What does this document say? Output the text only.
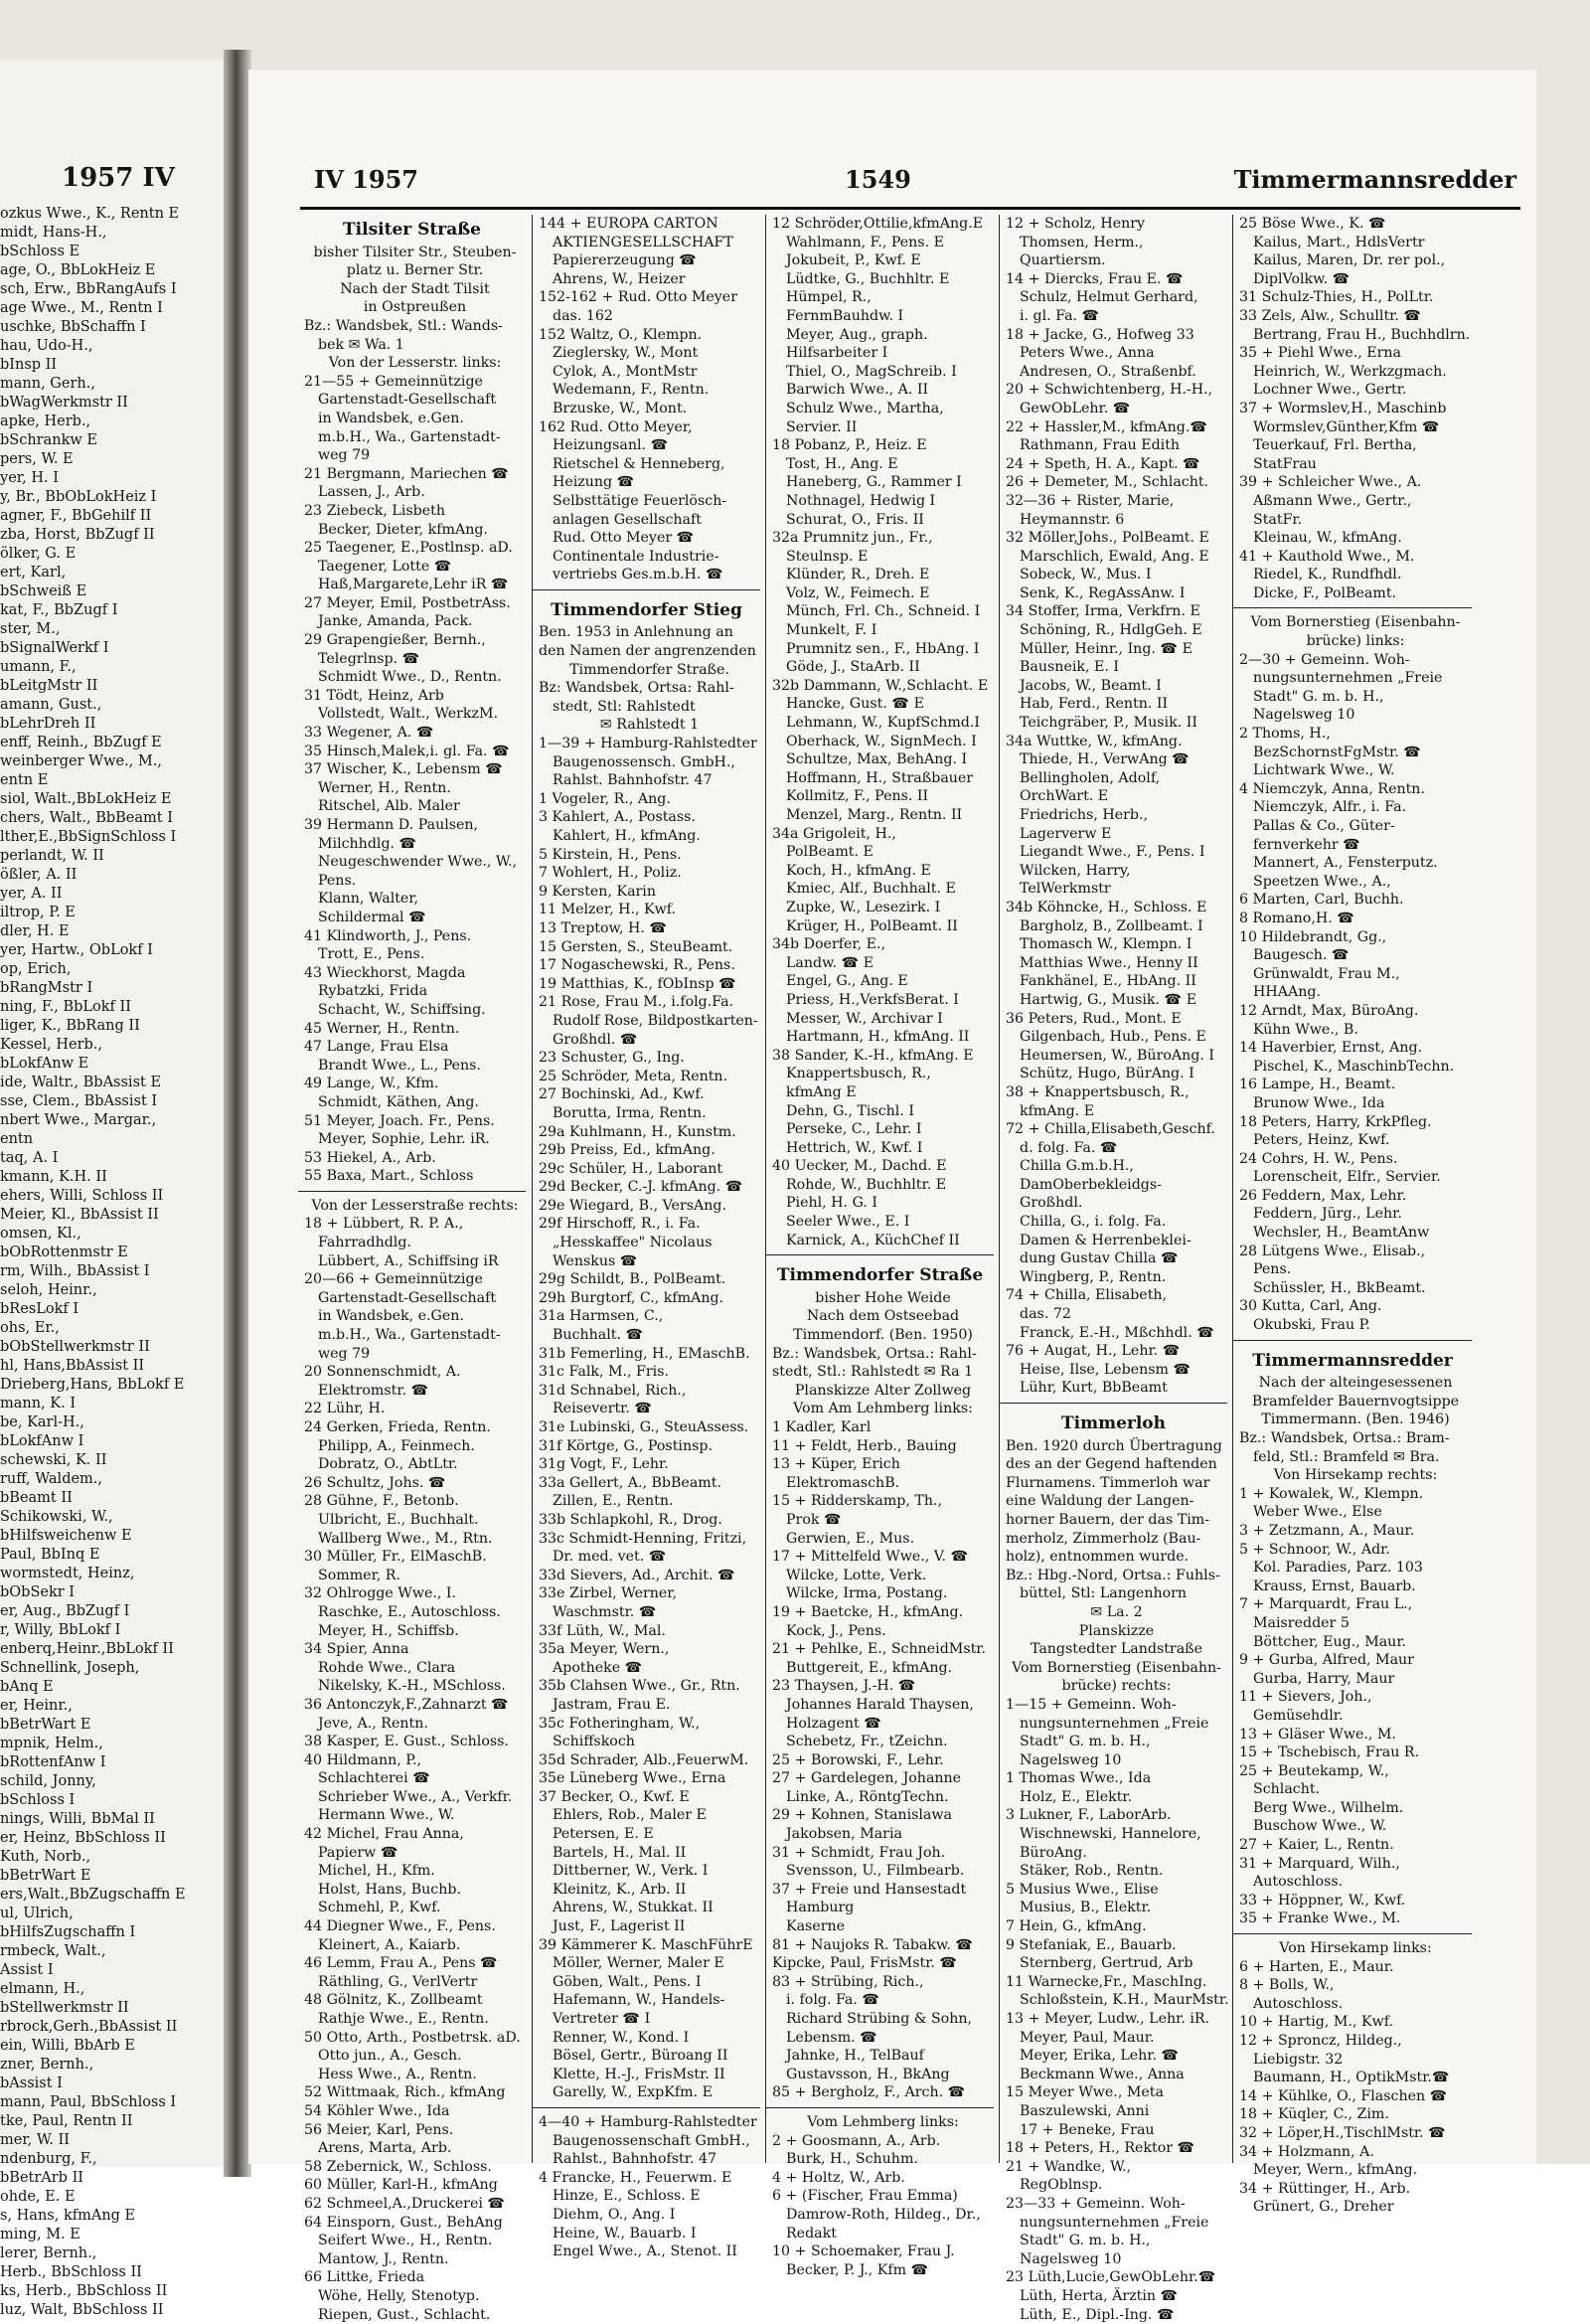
1957 IV
ozkus Wwe., K., Rentn E
midt, Hans-H.,
bSchloss E
age, O., BbLokHeiz E
sch, Erw., BbRangAufs I
age Wwe., M., Rentn I
uschke, BbSchaffn I
hau, Udo-H.,
bInsp II
mann, Gerh.,
bWagWerkmstr II
apke, Herb.,
bSchrankw E
pers, W. E
yer, H. I
y, Br., BbObLokHeiz I
agner, F., BbGehilf II
zba, Horst, BbZugf II
ölker, G. E
ert, Karl,
bSchweiß E
kat, F., BbZugf I
ster, M.,
bSignalWerkf I
umann, F.,
bLeitgMstr II
amann, Gust.,
bLehrDreh II
enff, Reinh., BbZugf E
weinberger Wwe., M.,
entn E
siol, Walt.,BbLokHeiz E
chers, Walt., BbBeamt I
lther,E.,BbSignSchloss I
perlandt, W. II
ößler, A. II
yer, A. II
iltrop, P. E
dler, H. E
yer, Hartw., ObLokf I
op, Erich,
bRangMstr I
ning, F., BbLokf II
liger, K., BbRang II
Kessel, Herb.,
bLokfAnw E
ide, Waltr., BbAssist E
sse, Clem., BbAssist I
nbert Wwe., Margar.,
entn
taq, A. I
kmann, K.H. II
ehers, Willi, Schloss II
Meier, Kl., BbAssist II
omsen, Kl.,
bObRottenmstr E
rm, Wilh., BbAssist I
seloh, Heinr.,
bResLokf I
ohs, Er.,
bObStellwerkmstr II
hl, Hans,BbAssist II
Drieberg,Hans, BbLokf E
mann, K. I
be, Karl-H.,
bLokfAnw I
schewski, K. II
ruff, Waldem.,
bBeamt II
Schikowski, W.,
bHilfsweichenw E
Paul, BbInq E
wormstedt, Heinz,
bObSekr I
er, Aug., BbZugf I
r, Willy, BbLokf I
enberq,Heinr.,BbLokf II
Schnellink, Joseph,
bAnq E
er, Heinr.,
bBetrWart E
mpnik, Helm.,
bRottenfAnw I
schild, Jonny,
bSchloss I
nings, Willi, BbMal II
er, Heinz, BbSchloss II
Kuth, Norb.,
bBetrWart E
ers,Walt.,BbZugschaffn E
ul, Ulrich,
bHilfsZugschaffn I
rmbeck, Walt.,
Assist I
elmann, H.,
bStellwerkmstr II
rbrock,Gerh.,BbAssist II
ein, Willi, BbArb E
zner, Bernh.,
bAssist I
mann, Paul, BbSchloss I
tke, Paul, Rentn II
mer, W. II
ndenburg, F.,
bBetrArb II
ohde, E. E
s, Hans, kfmAng E
ming, M. E
lerer, Bernh.,
Herb., BbSchloss II
ks, Herb., BbSchloss II
luz, Walt, BbSchloss II
IV 1957	1549	Timmermannsredder
Tilsiter Straße
bisher Tilsiter Str., Steuben-
platz u. Berner Str.
Nach der Stadt Tilsit
in Ostpreußen
Bz.: Wandsbek, Stl.: Wands-
bek ✉ Wa. 1
Von der Lesserstr. links:
21—55 + Gemeinnützige
Gartenstadt-Gesellschaft
in Wandsbek, e.Gen.
m.b.H., Wa., Gartenstadt-
weg 79
21 Bergmann, Mariechen ☎
Lassen, J., Arb.
23 Ziebeck, Lisbeth
Becker, Dieter, kfmAng.
25 Taegener, E.,Postlnsp. aD.
Taegener, Lotte ☎
Haß,Margarete,Lehr iR ☎
27 Meyer, Emil, PostbetrAss.
Janke, Amanda, Pack.
29 Grapengießer, Bernh.,
Telegrlnsp. ☎
Schmidt Wwe., D., Rentn.
31 Tödt, Heinz, Arb
Vollstedt, Walt., WerkzM.
33 Wegener, A. ☎
35 Hinsch,Malek,i. gl. Fa. ☎
37 Wischer, K., Lebensm ☎
Werner, H., Rentn.
Ritschel, Alb. Maler
39 Hermann D. Paulsen,
Milchhdlg. ☎
Neugeschwender Wwe., W.,
Pens.
Klann, Walter,
Schildermal ☎
41 Klindworth, J., Pens.
Trott, E., Pens.
43 Wieckhorst, Magda
Rybatzki, Frida
Schacht, W., Schiffsing.
45 Werner, H., Rentn.
47 Lange, Frau Elsa
Brandt Wwe., L., Pens.
49 Lange, W., Kfm.
Schmidt, Käthen, Ang.
51 Meyer, Joach. Fr., Pens.
Meyer, Sophie, Lehr. iR.
53 Hiekel, A., Arb.
55 Baxa, Mart., Schloss
Von der Lesserstraße rechts:
18 + Lübbert, R. P. A.,
Fahrradhdlg.
Lübbert, A., Schiffsing iR
20—66 + Gemeinnützige
Gartenstadt-Gesellschaft
in Wandsbek, e.Gen.
m.b.H., Wa., Gartenstadt-
weg 79
20 Sonnenschmidt, A.
Elektromstr. ☎
22 Lühr, H.
24 Gerken, Frieda, Rentn.
Philipp, A., Feinmech.
Dobratz, O., AbtLtr.
26 Schultz, Johs. ☎
28 Gühne, F., Betonb.
Ulbricht, E., Buchhalt.
Wallberg Wwe., M., Rtn.
30 Müller, Fr., ElMaschB.
Sommer, R.
32 Ohlrogge Wwe., I.
Raschke, E., Autoschloss.
Meyer, H., Schiffsb.
34 Spier, Anna
Rohde Wwe., Clara
Nikelsky, K.-H., MSchloss.
36 Antonczyk,F.,Zahnarzt ☎
Jeve, A., Rentn.
38 Kasper, E. Gust., Schloss.
40 Hildmann, P.,
Schlachterei ☎
Schrieber Wwe., A., Verkfr.
Hermann Wwe., W.
42 Michel, Frau Anna,
Papierw ☎
Michel, H., Kfm.
Holst, Hans, Buchb.
Schmehl, P., Kwf.
44 Diegner Wwe., F., Pens.
Kleinert, A., Kaiarb.
46 Lemm, Frau A., Pens ☎
Räthling, G., VerlVertr
48 Gölnitz, K., Zollbeamt
Rathje Wwe., E., Rentn.
50 Otto, Arth., Postbetrsk. aD.
Otto jun., A., Gesch.
Hess Wwe., A., Rentn.
52 Wittmaak, Rich., kfmAng
54 Köhler Wwe., Ida
56 Meier, Karl, Pens.
Arens, Marta, Arb.
58 Zebernick, W., Schloss.
60 Müller, Karl-H., kfmAng
62 Schmeel,A.,Druckerei ☎
64 Einsporn, Gust., BehAng
Seifert Wwe., H., Rentn.
Mantow, J., Rentn.
66 Littke, Frieda
Wöhe, Helly, Stenotyp.
Riepen, Gust., Schlacht.
144 + EUROPA CARTON
AKTIENGESELLSCHAFT
Papiererzeugung ☎
Ahrens, W., Heizer
152-162 + Rud. Otto Meyer
das. 162
152 Waltz, O., Klempn.
Zieglersky, W., Mont
Cylok, A., MontMstr
Wedemann, F., Rentn.
Brzuske, W., Mont.
162 Rud. Otto Meyer,
Heizungsanl. ☎
Rietschel & Henneberg,
Heizung ☎
Selbsttätige Feuerlösch-
anlagen Gesellschaft
Rud. Otto Meyer ☎
Continentale Industrie-
vertriebs Ges.m.b.H. ☎
Timmendorfer Stieg
Ben. 1953 in Anlehnung an
den Namen der angrenzenden
Timmendorfer Straße.
Bz: Wandsbek, Ortsa: Rahl-
stedt, Stl: Rahlstedt
✉ Rahlstedt 1
1—39 + Hamburg-Rahlstedter
Baugenossensch. GmbH.,
Rahlst. Bahnhofstr. 47
1 Vogeler, R., Ang.
3 Kahlert, A., Postass.
Kahlert, H., kfmAng.
5 Kirstein, H., Pens.
7 Wohlert, H., Poliz.
9 Kersten, Karin
11 Melzer, H., Kwf.
13 Treptow, H. ☎
15 Gersten, S., SteuBeamt.
17 Nogaschewski, R., Pens.
19 Matthias, K., fObInsp ☎
21 Rose, Frau M., i.folg.Fa.
Rudolf Rose, Bildpostkarten-
Großhdl. ☎
23 Schuster, G., Ing.
25 Schröder, Meta, Rentn.
27 Bochinski, Ad., Kwf.
Borutta, Irma, Rentn.
29a Kuhlmann, H., Kunstm.
29b Preiss, Ed., kfmAng.
29c Schüler, H., Laborant
29d Becker, C.-J. kfmAng. ☎
29e Wiegard, B., VersAng.
29f Hirschoff, R., i. Fa.
„Hesskaffee" Nicolaus
Wenskus ☎
29g Schildt, B., PolBeamt.
29h Burgtorf, C., kfmAng.
31a Harmsen, C.,
Buchhalt. ☎
31b Femerling, H., EMaschB.
31c Falk, M., Fris.
31d Schnabel, Rich.,
Reisevertr. ☎
31e Lubinski, G., SteuAssess.
31f Körtge, G., Postinsp.
31g Vogt, F., Lehr.
33a Gellert, A., BbBeamt.
Zillen, E., Rentn.
33b Schlapkohl, R., Drog.
33c Schmidt-Henning, Fritzi,
Dr. med. vet. ☎
33d Sievers, Ad., Archit. ☎
33e Zirbel, Werner,
Waschmstr. ☎
33f Lüth, W., Mal.
35a Meyer, Wern.,
Apotheke ☎
35b Clahsen Wwe., Gr., Rtn.
Jastram, Frau E.
35c Fotheringham, W.,
Schiffskoch
35d Schrader, Alb.,FeuerwM.
35e Lüneberg Wwe., Erna
37 Becker, O., Kwf. E
Ehlers, Rob., Maler E
Petersen, E. E
Bartels, H., Mal. II
Dittberner, W., Verk. I
Kleinitz, K., Arb. II
Ahrens, W., Stukkat. II
Just, F., Lagerist II
39 Kämmerer K. MaschFührE
Möller, Werner, Maler E
Göben, Walt., Pens. I
Hafemann, W., Handels-
Vertreter ☎ I
Renner, W., Kond. I
Bösel, Gertr., Büroang II
Klette, H.-J., FrisMstr. II
Garelly, W., ExpKfm. E
4—40 + Hamburg-Rahlstedter
Baugenossenschaft GmbH.,
Rahlst., Bahnhofstr. 47
4 Francke, H., Feuerwm. E
Hinze, E., Schloss. E
Diehm, O., Ang. I
Heine, W., Bauarb. I
Engel Wwe., A., Stenot. II
12 Schröder,Ottilie,kfmAng.E
Wahlmann, F., Pens. E
Jokubeit, P., Kwf. E
Lüdtke, G., Buchhltr. E
Hümpel, R.,
FernmBauhdw. I
Meyer, Aug., graph.
Hilfsarbeiter I
Thiel, O., MagSchreib. I
Barwich Wwe., A. II
Schulz Wwe., Martha,
Servier. II
18 Pobanz, P., Heiz. E
Tost, H., Ang. E
Haneberg, G., Rammer I
Nothnagel, Hedwig I
Schurat, O., Fris. II
32a Prumnitz jun., Fr.,
Steulnsp. E
Klünder, R., Dreh. E
Volz, W., Feimech. E
Münch, Frl. Ch., Schneid. I
Munkelt, F. I
Prumnitz sen., F., HbAng. I
Göde, J., StaArb. II
32b Dammann, W.,Schlacht. E
Hancke, Gust. ☎ E
Lehmann, W., KupfSchmd.I
Oberhack, W., SignMech. I
Schultze, Max, BehAng. I
Hoffmann, H., Straßbauer
Kollmitz, F., Pens. II
Menzel, Marg., Rentn. II
34a Grigoleit, H.,
PolBeamt. E
Koch, H., kfmAng. E
Kmiec, Alf., Buchhalt. E
Zupke, W., Lesezirk. I
Krüger, H., PolBeamt. II
34b Doerfer, E.,
Landw. ☎ E
Engel, G., Ang. E
Priess, H.,VerkfsBerat. I
Messer, W., Archivar I
Hartmann, H., kfmAng. II
38 Sander, K.-H., kfmAng. E
Knappertsbusch, R.,
kfmAng E
Dehn, G., Tischl. I
Perseke, C., Lehr. I
Hettrich, W., Kwf. I
40 Uecker, M., Dachd. E
Rohde, W., Buchhltr. E
Piehl, H. G. I
Seeler Wwe., E. I
Karnick, A., KüchChef II
Timmendorfer Straße
bisher Hohe Weide
Nach dem Ostseebad
Timmendorf. (Ben. 1950)
Bz.: Wandsbek, Ortsa.: Rahl-
stedt, Stl.: Rahlstedt ✉ Ra 1
Planskizze Alter Zollweg
Vom Am Lehmberg links:
1 Kadler, Karl
11 + Feldt, Herb., Bauing
13 + Küper, Erich
ElektromaschB.
15 + Ridderskamp, Th.,
Prok ☎
Gerwien, E., Mus.
17 + Mittelfeld Wwe., V. ☎
Wilcke, Lotte, Verk.
Wilcke, Irma, Postang.
19 + Baetcke, H., kfmAng.
Kock, J., Pens.
21 + Pehlke, E., SchneidMstr.
Buttgereit, E., kfmAng.
23 Thaysen, J.-H. ☎
Johannes Harald Thaysen,
Holzagent ☎
Schebetz, Fr., tZeichn.
25 + Borowski, F., Lehr.
27 + Gardelegen, Johanne
Linke, A., RöntgTechn.
29 + Kohnen, Stanislawa
Jakobsen, Maria
31 + Schmidt, Frau Joh.
Svensson, U., Filmbearb.
37 + Freie und Hansestadt
Hamburg
Kaserne
81 + Naujoks R. Tabakw. ☎
Kipcke, Paul, FrisMstr. ☎
83 + Strübing, Rich.,
i. folg. Fa. ☎
Richard Strübing & Sohn,
Lebensm. ☎
Jahnke, H., TelBauf
Gustavsson, H., BkAng
85 + Bergholz, F., Arch. ☎
Vom Lehmberg links:
2 + Goosmann, A., Arb.
Burk, H., Schuhm.
4 + Holtz, W., Arb.
6 + (Fischer, Frau Emma)
Damrow-Roth, Hildeg., Dr.,
Redakt
10 + Schoemaker, Frau J.
Becker, P. J., Kfm ☎
12 + Scholz, Henry
Thomsen, Herm.,
Quartiersm.
14 + Diercks, Frau E. ☎
Schulz, Helmut Gerhard,
i. gl. Fa. ☎
18 + Jacke, G., Hofweg 33
Peters Wwe., Anna
Andresen, O., Straßenbf.
20 + Schwichtenberg, H.-H.,
GewObLehr. ☎
22 + Hassler,M., kfmAng.☎
Rathmann, Frau Edith
24 + Speth, H. A., Kapt. ☎
26 + Demeter, M., Schlacht.
32—36 + Rister, Marie,
Heymannstr. 6
32 Möller,Johs., PolBeamt. E
Marschlich, Ewald, Ang. E
Sobeck, W., Mus. I
Senk, K., RegAssAnw. I
34 Stoffer, Irma, Verkfrn. E
Schöning, R., HdlgGeh. E
Müller, Heinr., Ing. ☎ E
Bausneik, E. I
Jacobs, W., Beamt. I
Hab, Ferd., Rentn. II
Teichgräber, P., Musik. II
34a Wuttke, W., kfmAng.
Thiede, H., VerwAng ☎
Bellingholen, Adolf,
OrchWart. E
Friedrichs, Herb.,
Lagerverw E
Liegandt Wwe., F., Pens. I
Wilcken, Harry,
TelWerkmstr
34b Köhncke, H., Schloss. E
Bargholz, B., Zollbeamt. I
Thomasch W., Klempn. I
Matthias Wwe., Henny II
Fankhänel, E., HbAng. II
Hartwig, G., Musik. ☎ E
36 Peters, Rud., Mont. E
Gilgenbach, Hub., Pens. E
Heumersen, W., BüroAng. I
Schütz, Hugo, BürAng. I
38 + Knappertsbusch, R.,
kfmAng. E
72 + Chilla,Elisabeth,Geschf.
d. folg. Fa. ☎
Chilla G.m.b.H.,
DamOberbekleidgs-
Großhdl.
Chilla, G., i. folg. Fa.
Damen & Herrenbeklei-
dung Gustav Chilla ☎
Wingberg, P., Rentn.
74 + Chilla, Elisabeth,
das. 72
Franck, E.-H., Mßchhdl. ☎
76 + Augat, H., Lehr. ☎
Heise, Ilse, Lebensm ☎
Lühr, Kurt, BbBeamt
Timmerloh
Ben. 1920 durch Übertragung
des an der Gegend haftenden
Flurnamens. Timmerloh war
eine Waldung der Langen-
horner Bauern, der das Tim-
merholz, Zimmerholz (Bau-
holz), entnommen wurde.
Bz.: Hbg.-Nord, Ortsa.: Fuhls-
büttel, Stl: Langenhorn
✉ La. 2
Planskizze
Tangstedter Landstraße
Vom Bornerstieg (Eisenbahn-
brücke) rechts:
1—15 + Gemeinn. Woh-
nungsunternehmen „Freie
Stadt" G. m. b. H.,
Nagelsweg 10
1 Thomas Wwe., Ida
Holz, E., Elektr.
3 Lukner, F., LaborArb.
Wischnewski, Hannelore,
BüroAng.
Stäker, Rob., Rentn.
5 Musius Wwe., Elise
Musius, B., Elektr.
7 Hein, G., kfmAng.
9 Stefaniak, E., Bauarb.
Sternberg, Gertrud, Arb
11 Warnecke,Fr., MaschIng.
Schloßstein, K.H., MaurMstr.
13 + Meyer, Ludw., Lehr. iR.
Meyer, Paul, Maur.
Meyer, Erika, Lehr. ☎
Beckmann Wwe., Anna
15 Meyer Wwe., Meta
Baszulewski, Anni
17 + Beneke, Frau
18 + Peters, H., Rektor ☎
21 + Wandke, W.,
RegOblnsp.
23—33 + Gemeinn. Woh-
nungsunternehmen „Freie
Stadt" G. m. b. H.,
Nagelsweg 10
23 Lüth,Lucie,GewObLehr.☎
Lüth, Herta, Ärztin ☎
Lüth, E., Dipl.-Ing. ☎
25 Böse Wwe., K. ☎
Kailus, Mart., HdlsVertr
Kailus, Maren, Dr. rer pol.,
DiplVolkw. ☎
31 Schulz-Thies, H., PolLtr.
33 Zels, Alw., Schulltr. ☎
Bertrang, Frau H., Buchhdlrn.
35 + Piehl Wwe., Erna
Heinrich, W., Werkzgmach.
Lochner Wwe., Gertr.
37 + Wormslev,H., Maschinb
Wormslev,Günther,Kfm ☎
Teuerkauf, Frl. Bertha,
StatFrau
39 + Schleicher Wwe., A.
Aßmann Wwe., Gertr.,
StatFr.
Kleinau, W., kfmAng.
41 + Kauthold Wwe., M.
Riedel, K., Rundfhdl.
Dicke, F., PolBeamt.
Vom Bornerstieg (Eisenbahn-
brücke) links:
2—30 + Gemeinn. Woh-
nungsunternehmen „Freie
Stadt" G. m. b. H.,
Nagelsweg 10
2 Thoms, H.,
BezSchornstFgMstr. ☎
Lichtwark Wwe., W.
4 Niemczyk, Anna, Rentn.
Niemczyk, Alfr., i. Fa.
Pallas & Co., Güter-
fernverkehr ☎
Mannert, A., Fensterputz.
Speetzen Wwe., A.,
6 Marten, Carl, Buchh.
8 Romano,H. ☎
10 Hildebrandt, Gg.,
Baugesch. ☎
Grünwaldt, Frau M.,
HHAAng.
12 Arndt, Max, BüroAng.
Kühn Wwe., B.
14 Haverbier, Ernst, Ang.
Pischel, K., MaschinbTechn.
16 Lampe, H., Beamt.
Brunow Wwe., Ida
18 Peters, Harry, KrkPfleg.
Peters, Heinz, Kwf.
24 Cohrs, H. W., Pens.
Lorenscheit, Elfr., Servier.
26 Feddern, Max, Lehr.
Feddern, Jürg., Lehr.
Wechsler, H., BeamtAnw
28 Lütgens Wwe., Elisab.,
Pens.
Schüssler, H., BkBeamt.
30 Kutta, Carl, Ang.
Okubski, Frau P.
Timmermannsredder
Nach der alteingesessenen
Bramfelder Bauernvogtsippe
Timmermann. (Ben. 1946)
Bz.: Wandsbek, Ortsa.: Bram-
feld, Stl.: Bramfeld ✉ Bra.
Von Hirsekamp rechts:
1 + Kowalek, W., Klempn.
Weber Wwe., Else
3 + Zetzmann, A., Maur.
5 + Schnoor, W., Adr.
Kol. Paradies, Parz. 103
Krauss, Ernst, Bauarb.
7 + Marquardt, Frau L.,
Maisredder 5
Böttcher, Eug., Maur.
9 + Gurba, Alfred, Maur
Gurba, Harry, Maur
11 + Sievers, Joh.,
Gemüsehdlr.
13 + Gläser Wwe., M.
15 + Tschebisch, Frau R.
25 + Beutekamp, W.,
Schlacht.
Berg Wwe., Wilhelm.
Buschow Wwe., W.
27 + Kaier, L., Rentn.
31 + Marquard, Wilh.,
Autoschloss.
33 + Höppner, W., Kwf.
35 + Franke Wwe., M.
Von Hirsekamp links:
6 + Harten, E., Maur.
8 + Bolls, W.,
Autoschloss.
10 + Hartig, M., Kwf.
12 + Sproncz, Hildeg.,
Liebigstr. 32
Baumann, H., OptikMstr.☎
14 + Kühlke, O., Flaschen ☎
18 + Küqler, C., Zim.
32 + Löper,H.,TischlMstr. ☎
34 + Holzmann, A.
Meyer, Wern., kfmAng.
34 + Rüttinger, H., Arb.
Grünert, G., Dreher
